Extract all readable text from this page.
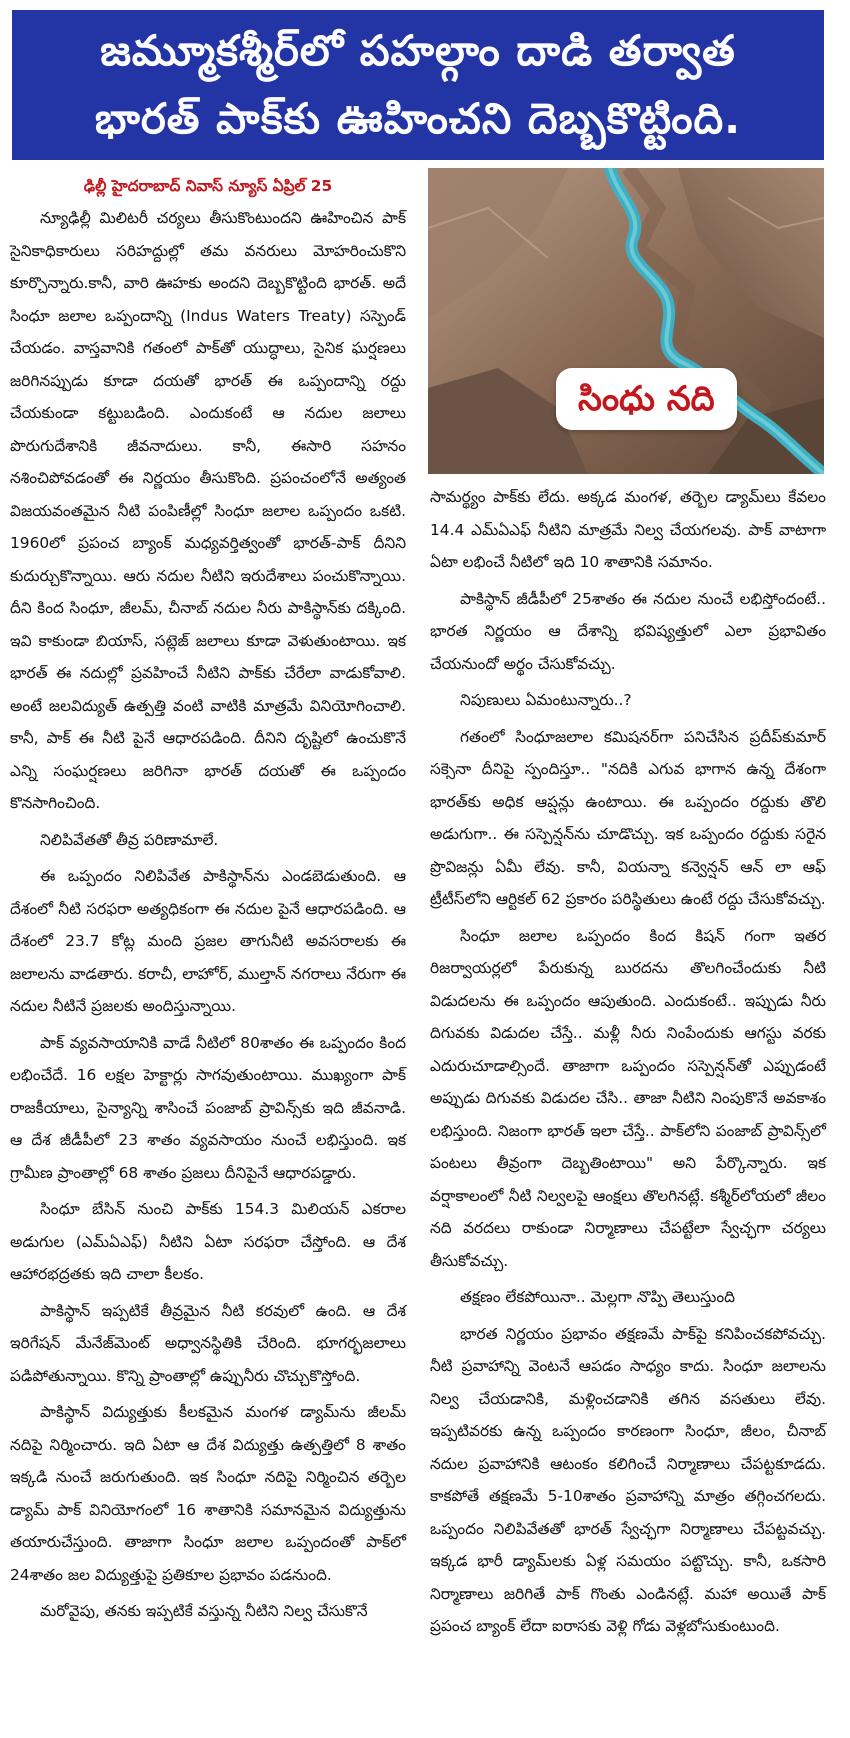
జమ్మూకశ్మీర్‌లో పహల్గాం దాడి తర్వాత
భారత్ పాక్‌కు ఊహించని దెబ్బకొట్టింది.
ఢిల్లీ హైదరాబాద్ నివాస్ న్యూస్ ఏప్రిల్ 25

న్యూఢిల్లీ మిలిటరీ చర్యలు తీసుకొంటుందని ఊహించిన పాక్ సైనికాధికారులు సరిహద్దుల్లో తమ వనరులు మోహరించుకొని కూర్చొన్నారు.కానీ, వారి ఊహకు అందని దెబ్బకొట్టింది భారత్. అదే సింధూ జలాల ఒప్పందాన్ని (Indus Waters Treaty) సస్పెండ్ చేయడం. వాస్తవానికి గతంలో పాక్‌తో యుద్ధాలు, సైనిక ఘర్షణలు జరిగినప్పుడు కూడా దయతో భారత్ ఈ ఒప్పందాన్ని రద్దు చేయకుండా కట్టుబడింది. ఎందుకంటే ఆ నదుల జలాలు పొరుగుదేశానికి జీవనాదులు. కానీ, ఈసారి సహనం నశించిపోవడంతో ఈ నిర్ణయం తీసుకొంది. ప్రపంచంలోనే అత్యంత విజయవంతమైన నీటి పంపిణీల్లో సింధూ జలాల ఒప్పందం ఒకటి. 1960లో ప్రపంచ బ్యాంక్ మధ్యవర్తిత్వంతో భారత్-పాక్ దీనిని కుదుర్చుకొన్నాయి. ఆరు నదుల నీటిని ఇరుదేశాలు పంచుకొన్నాయి. దీని కింద సింధూ, జీలమ్, చీనాబ్ నదుల నీరు పాకిస్థాన్‌కు దక్కింది. ఇవి కాకుండా బియాస్, సట్లెజ్ జలాలు కూడా వెళుతుంటాయి. ఇక భారత్ ఈ నదుల్లో ప్రవహించే నీటిని పాక్‌కు చేరేలా వాడుకోవాలి. అంటే జలవిద్యుత్ ఉత్పత్తి వంటి వాటికి మాత్రమే వినియోగించాలి. కానీ, పాక్ ఈ నీటి పైనే ఆధారపడింది. దీనిని దృష్టిలో ఉంచుకొనే ఎన్ని సంఘర్షణలు జరిగినా భారత్ దయతో ఈ ఒప్పందం కొనసాగించింది.

నిలిపివేతతో తీవ్ర పరిణామాలే.

ఈ ఒప్పందం నిలిపివేత పాకిస్థాన్‌ను ఎండబెడుతుంది. ఆ దేశంలో నీటి సరఫరా అత్యధికంగా ఈ నదుల పైనే ఆధారపడింది. ఆ దేశంలో 23.7 కోట్ల మంది ప్రజల తాగునీటి అవసరాలకు ఈ జలాలను వాడతారు. కరాచీ, లాహోర్, ముల్తాన్ నగరాలు నేరుగా ఈ నదుల నీటినే ప్రజలకు అందిస్తున్నాయి.

పాక్ వ్యవసాయానికి వాడే నీటిలో 80శాతం ఈ ఒప్పందం కింద లభించేదే. 16 లక్షల హెక్టార్లు సాగవుతుంటాయి. ముఖ్యంగా పాక్ రాజకీయాలు, సైన్యాన్ని శాసించే పంజాబ్ ప్రావిన్స్‌కు ఇది జీవనాడి. ఆ దేశ జీడీపీలో 23 శాతం వ్యవసాయం నుంచే లభిస్తుంది. ఇక గ్రామీణ ప్రాంతాల్లో 68 శాతం ప్రజలు దీనిపైనే ఆధారపడ్డారు.

సింధూ బేసిన్ నుంచి పాక్‌కు 154.3 మిలియన్ ఎకరాల అడుగుల (ఎమ్ఏఎఫ్) నీటిని ఏటా సరఫరా చేస్తోంది. ఆ దేశ ఆహారభద్రతకు ఇది చాలా కీలకం.

పాకిస్థాన్ ఇప్పటికే తీవ్రమైన నీటి కరవులో ఉంది. ఆ దేశ ఇరిగేషన్ మేనేజ్‌మెంట్ అధ్వానస్థితికి చేరింది. భూగర్భజలాలు పడిపోతున్నాయి. కొన్ని ప్రాంతాల్లో ఉప్పునీరు చొచ్చుకొస్తోంది.

పాకిస్థాన్ విద్యుత్తుకు కీలకమైన మంగళ డ్యామ్‌ను జీలమ్ నదిపై నిర్మించారు. ఇది ఏటా ఆ దేశ విద్యుత్తు ఉత్పత్తిలో 8 శాతం ఇక్కడి నుంచే జరుగుతుంది. ఇక సింధూ నదిపై నిర్మించిన తర్బెల డ్యామ్ పాక్ వినియోగంలో 16 శాతానికి సమానమైన విద్యుత్తును తయారుచేస్తుంది. తాజాగా సింధూ జలాల ఒప్పందంతో పాక్‌లో 24శాతం జల విద్యుత్తుపై ప్రతికూల ప్రభావం పడనుంది.

మరోవైపు, తనకు ఇప్పటికే వస్తున్న నీటిని నిల్వ చేసుకొనే

సింధు నది

సామర్థ్యం పాక్‌కు లేదు. అక్కడ మంగళ, తర్బెల డ్యామ్‌లు కేవలం 14.4 ఎమ్ఏఎఫ్ నీటిని మాత్రమే నిల్వ చేయగలవు. పాక్ వాటాగా ఏటా లభించే నీటిలో ఇది 10 శాతానికి సమానం.

పాకిస్థాన్ జీడీపీలో 25శాతం ఈ నదుల నుంచే లభిస్తోందంటే.. భారత నిర్ణయం ఆ దేశాన్ని భవిష్యత్తులో ఎలా ప్రభావితం చేయనుందో అర్థం చేసుకోవచ్చు.

నిపుణులు ఏమంటున్నారు..?

గతంలో సింధూజలాల కమిషనర్‌గా పనిచేసిన ప్రదీప్‌కుమార్ సక్సెనా దీనిపై స్పందిస్తూ.. "నదికి ఎగువ భాగాన ఉన్న దేశంగా భారత్‌కు అధిక ఆప్షన్లు ఉంటాయి. ఈ ఒప్పందం రద్దుకు తొలి అడుగుగా.. ఈ సస్పెన్షన్‌ను చూడొచ్చు. ఇక ఒప్పందం రద్దుకు సరైన ప్రొవిజన్లు ఏమీ లేవు. కానీ, వియన్నా కన్వెన్షన్ ఆన్ లా ఆఫ్ ట్రీటీస్‌లోని ఆర్టికల్ 62 ప్రకారం పరిస్థితులు ఉంటే రద్దు చేసుకోవచ్చు.

సింధూ జలాల ఒప్పందం కింద కిషన్ గంగా ఇతర రిజర్వాయర్లలో పేరుకున్న బురదను తొలగించేందుకు నీటి విడుదలను ఈ ఒప్పందం ఆపుతుంది. ఎందుకంటే.. ఇప్పుడు నీరు దిగువకు విడుదల చేస్తే.. మళ్లీ నీరు నింపేందుకు ఆగస్టు వరకు ఎదురుచూడాల్సిందే. తాజాగా ఒప్పందం సస్పెన్షన్‌తో ఎప్పుడంటే అప్పుడు దిగువకు విడుదల చేసి.. తాజా నీటిని నింపుకొనే అవకాశం లభిస్తుంది. నిజంగా భారత్ ఇలా చేస్తే.. పాక్‌లోని పంజాబ్ ప్రావిన్స్‌లో పంటలు తీవ్రంగా దెబ్బతింటాయి" అని పేర్కొన్నారు. ఇక వర్షాకాలంలో నీటి నిల్వలపై ఆంక్షలు తొలగినట్లే. కశ్మీర్‌లోయలో జీలం నది వరదలు రాకుండా నిర్మాణాలు చేపట్టేలా స్వేచ్ఛగా చర్యలు తీసుకోవచ్చు.

తక్షణం లేకపోయినా.. మెల్లగా నొప్పి తెలుస్తుంది

భారత నిర్ణయం ప్రభావం తక్షణమే పాక్‌పై కనిపించకపోవచ్చు. నీటి ప్రవాహాన్ని వెంటనే ఆపడం సాధ్యం కాదు. సింధూ జలాలను నిల్వ చేయడానికి, మళ్లించడానికి తగిన వసతులు లేవు. ఇప్పటివరకు ఉన్న ఒప్పందం కారణంగా సింధూ, జీలం, చీనాబ్ నదుల ప్రవాహానికి ఆటంకం కలిగించే నిర్మాణాలు చేపట్టకూడదు. కాకపోతే తక్షణమే 5-10శాతం ప్రవాహాన్ని మాత్రం తగ్గించగలదు. ఒప్పందం నిలిపివేతతో భారత్ స్వేచ్ఛగా నిర్మాణాలు చేపట్టవచ్చు. ఇక్కడ భారీ డ్యామ్‌లకు ఏళ్ల సమయం పట్టొచ్చు. కానీ, ఒకసారి నిర్మాణాలు జరిగితే పాక్ గొంతు ఎండినట్లే. మహా అయితే పాక్ ప్రపంచ బ్యాంక్ లేదా ఐరాసకు వెళ్లి గోడు వెళ్లబోసుకుంటుంది.
